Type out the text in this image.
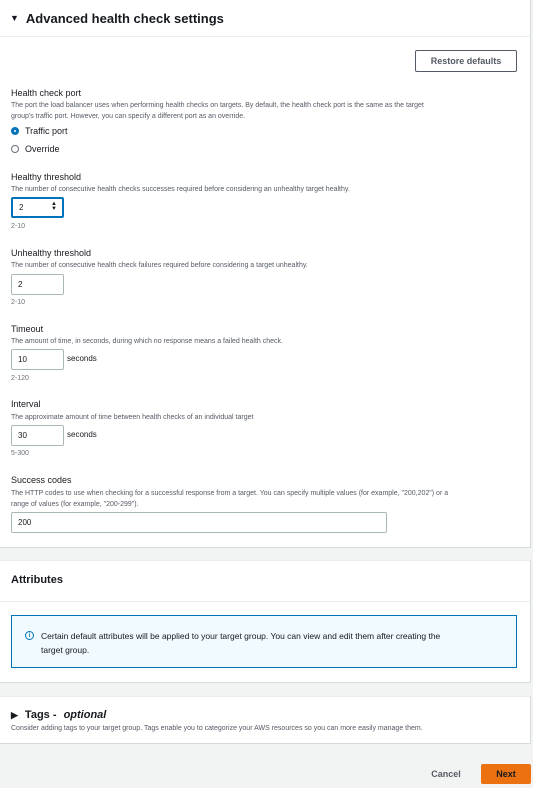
▼ Advanced health check settings
Restore defaults
Health check port
The port the load balancer uses when performing health checks on targets. By default, the health check port is the same as the target
group's traffic port. However, you can specify a different port as an override.
Traffic port
Override
Healthy threshold
The number of consecutive health checks successes required before considering an unhealthy target healthy.
2	▲
▼
2-10
Unhealthy threshold
The number of consecutive health check failures required before considering a target unhealthy.
2
2-10
Timeout
The amount of time, in seconds, during which no response means a failed health check.
10	seconds
2-120
Interval
The approximate amount of time between health checks of an individual target
30	seconds
5-300
Success codes
The HTTP codes to use when checking for a successful response from a target. You can specify multiple values (for example, "200,202") or a
range of values (for example, "200-299").
200
Attributes
i	Certain default attributes will be applied to your target group. You can view and edit them after creating the
target group.
▶ Tags - optional
Consider adding tags to your target group. Tags enable you to categorize your AWS resources so you can more easily manage them.
Cancel	Next
